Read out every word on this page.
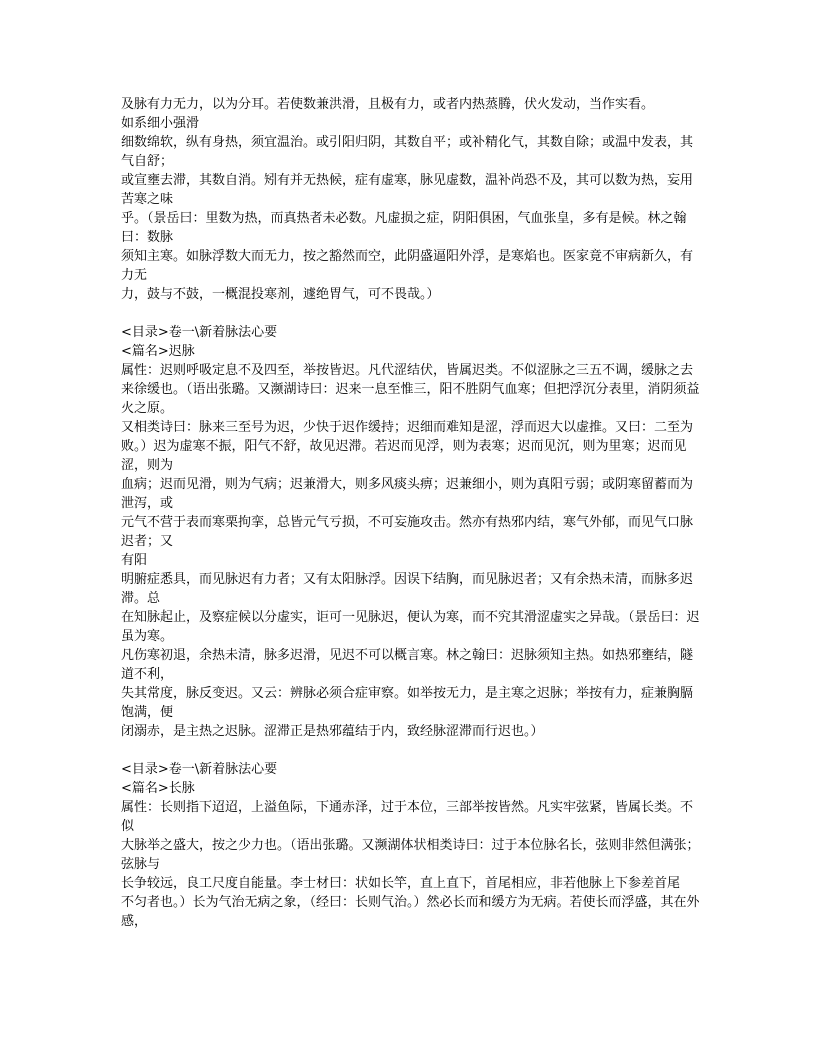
及脉有力无力，以为分耳。若使数兼洪滑，且极有力，或者内热蒸腾，伏火发动，当作实看。

如系细小强滑

细数绵软，纵有身热，须宜温治。或引阳归阴，其数自平；或补精化气，其数自除；或温中发表，其气自舒；

或宣壅去滞，其数自消。矧有并无热候，症有虚寒，脉见虚数，温补尚恐不及，其可以数为热，妄用苦寒之味

乎。（景岳曰：里数为热，而真热者未必数。凡虚损之症，阴阳俱困，气血张皇，多有是候。林之翰曰：数脉

须知主寒。如脉浮数大而无力，按之豁然而空，此阴盛逼阳外浮，是寒焰也。医家竟不审病新久，有力无

力，鼓与不鼓，一概混投寒剂，遽绝胃气，可不畏哉。）

<目录>卷一\新着脉法心要

<篇名>迟脉

属性：迟则呼吸定息不及四至，举按皆迟。凡代涩结伏，皆属迟类。不似涩脉之三五不调，缓脉之去

来徐缓也。（语出张璐。又濒湖诗曰：迟来一息至惟三，阳不胜阴气血寒；但把浮沉分表里，消阴须益火之原。

又相类诗曰：脉来三至号为迟，少快于迟作缓持；迟细而难知是涩，浮而迟大以虚推。又曰：二至为

败。）迟为虚寒不振，阳气不舒，故见迟滞。若迟而见浮，则为表寒；迟而见沉，则为里寒；迟而见涩，则为

血病；迟而见滑，则为气病；迟兼滑大，则多风痰头痹；迟兼细小，则为真阳亏弱；或阴寒留蓄而为泄泻，或

元气不营于表而寒栗拘挛，总皆元气亏损，不可妄施攻击。然亦有热邪内结，寒气外郁，而见气口脉迟者；又

有阳

明腑症悉具，而见脉迟有力者；又有太阳脉浮。因误下结胸，而见脉迟者；又有余热未清，而脉多迟滞。总

在知脉起止，及察症候以分虚实，讵可一见脉迟，便认为寒，而不究其滑涩虚实之异哉。（景岳曰：迟虽为寒。

凡伤寒初退，余热未清，脉多迟滑，见迟不可以概言寒。林之翰曰：迟脉须知主热。如热邪壅结，隧道不利，

失其常度，脉反变迟。又云：辨脉必须合症审察。如举按无力，是主寒之迟脉；举按有力，症兼胸膈饱满，便

闭溺赤，是主热之迟脉。涩滞正是热邪蕴结于内，致经脉涩滞而行迟也。）

<目录>卷一\新着脉法心要

<篇名>长脉

属性：长则指下迢迢，上溢鱼际，下通赤泽，过于本位，三部举按皆然。凡实牢弦紧，皆属长类。不似

大脉举之盛大，按之少力也。（语出张璐。又濒湖体状相类诗曰：过于本位脉名长，弦则非然但满张；弦脉与

长争较远，良工尺度自能量。李士材曰：状如长竿，直上直下，首尾相应，非若他脉上下参差首尾

不匀者也。）长为气治无病之象，（经曰：长则气治。）然必长而和缓方为无病。若使长而浮盛，其在外感，
